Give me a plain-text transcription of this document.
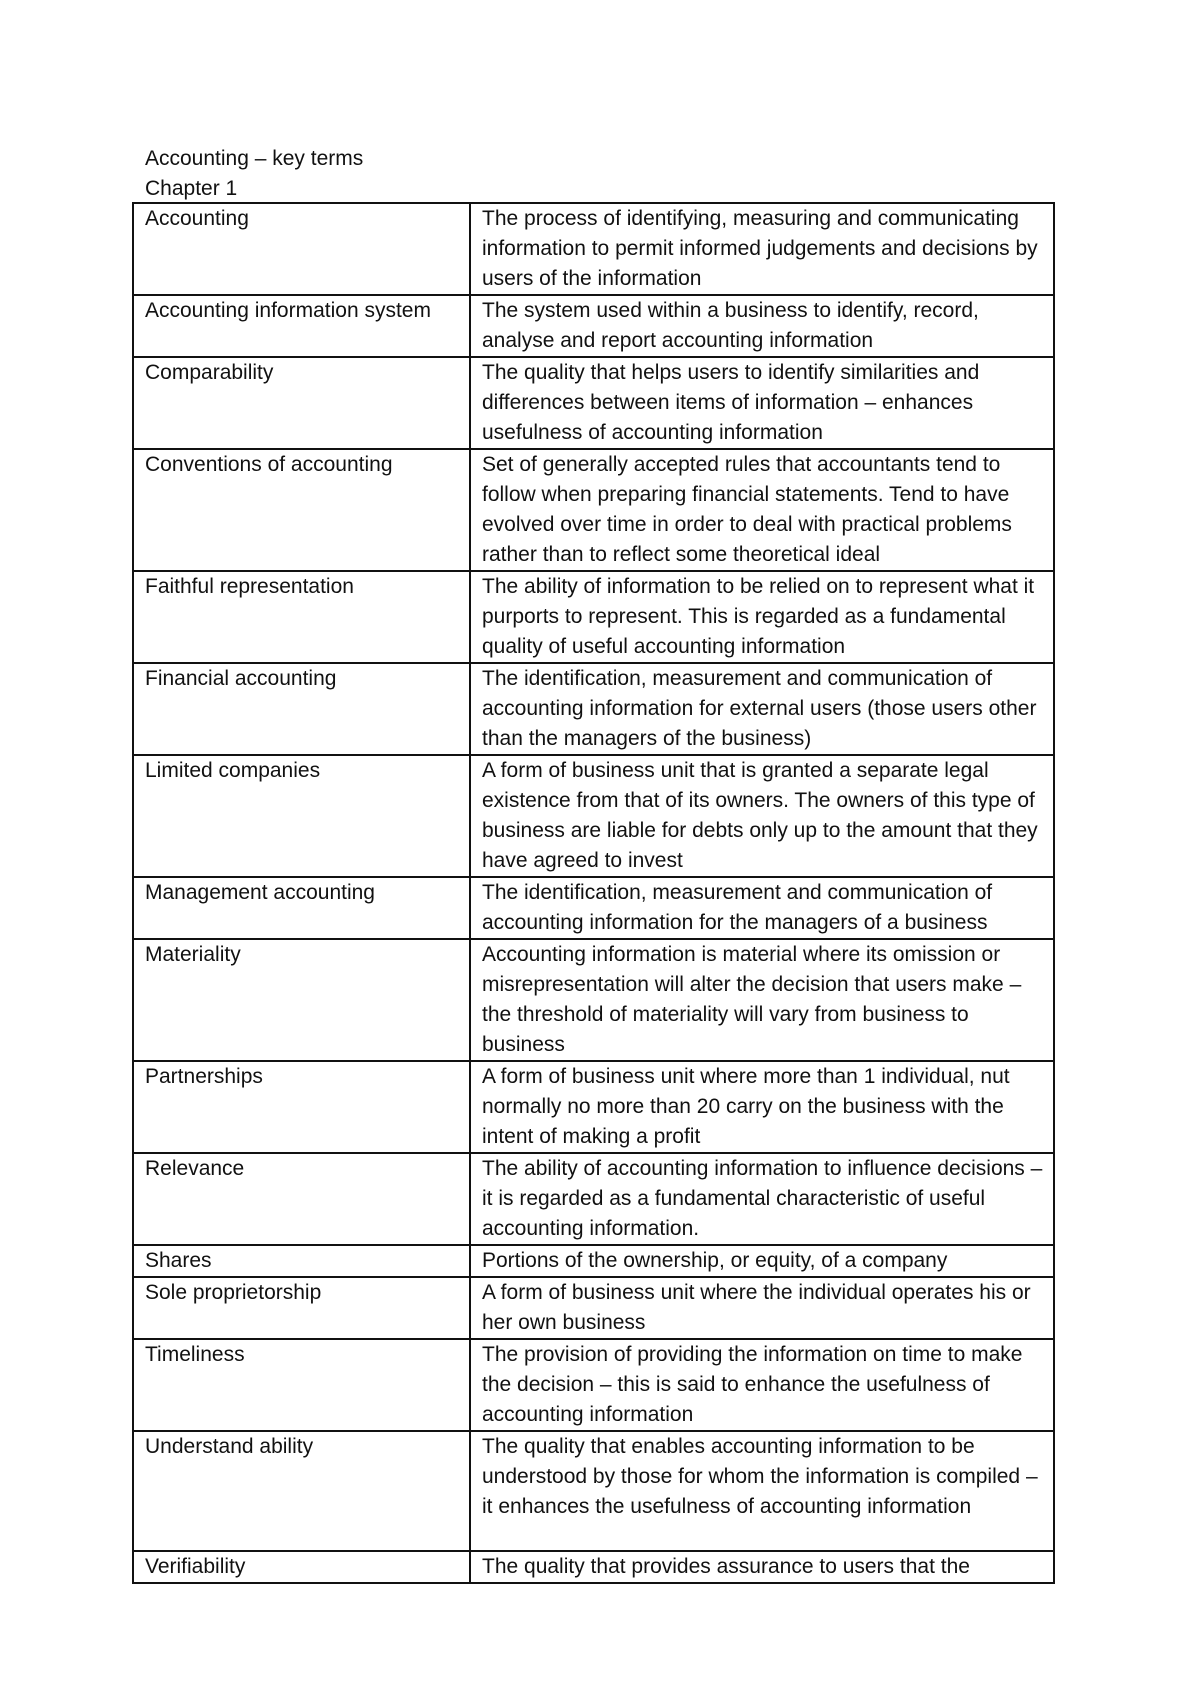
Accounting – key terms
Chapter 1
Accounting	The process of identifying, measuring and communicating information to permit informed judgements and decisions by users of the information
Accounting information system	The system used within a business to identify, record, analyse and report accounting information
Comparability	The quality that helps users to identify similarities and differences between items of information – enhances usefulness of accounting information
Conventions of accounting	Set of generally accepted rules that accountants tend to follow when preparing financial statements. Tend to have evolved over time in order to deal with practical problems rather than to reflect some theoretical ideal
Faithful representation	The ability of information to be relied on to represent what it purports to represent. This is regarded as a fundamental quality of useful accounting information
Financial accounting	The identification, measurement and communication of accounting information for external users (those users other than the managers of the business)
Limited companies	A form of business unit that is granted a separate legal existence from that of its owners. The owners of this type of business are liable for debts only up to the amount that they have agreed to invest
Management accounting	The identification, measurement and communication of accounting information for the managers of a business
Materiality	Accounting information is material where its omission or misrepresentation will alter the decision that users make – the threshold of materiality will vary from business to business
Partnerships	A form of business unit where more than 1 individual, nut normally no more than 20 carry on the business with the intent of making a profit
Relevance	The ability of accounting information to influence decisions – it is regarded as a fundamental characteristic of useful accounting information.
Shares	Portions of the ownership, or equity, of a company
Sole proprietorship	A form of business unit where the individual operates his or her own business
Timeliness	The provision of providing the information on time to make the decision – this is said to enhance the usefulness of accounting information
Understand ability	The quality that enables accounting information to be understood by those for whom the information is compiled – it enhances the usefulness of accounting information
Verifiability	The quality that provides assurance to users that the
